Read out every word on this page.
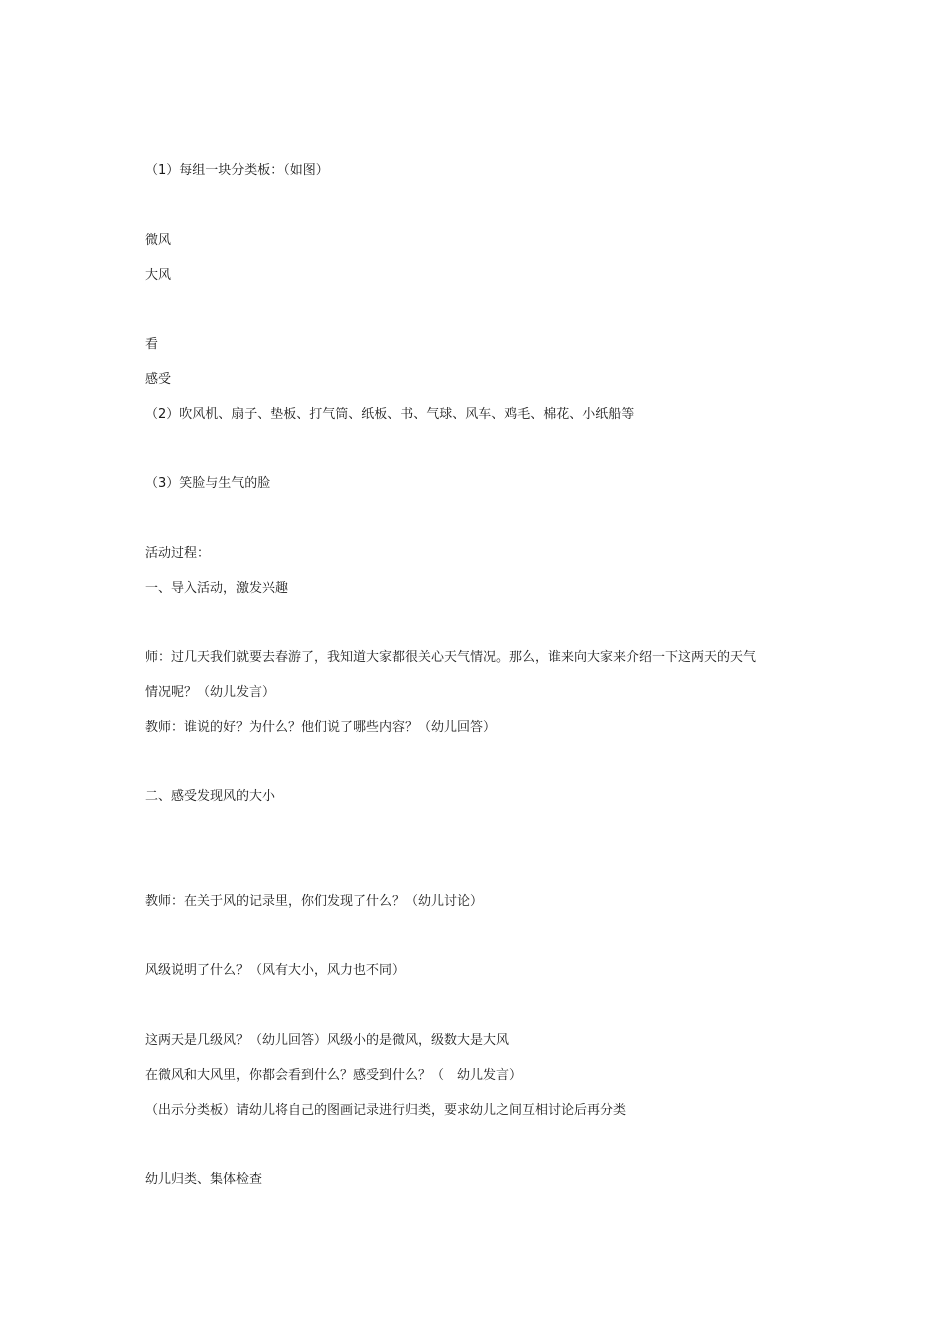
（1）每组一块分类板：（如图）
微风
大风
看
感受
（2）吹风机、扇子、垫板、打气筒、纸板、书、气球、风车、鸡毛、棉花、小纸船等
（3）笑脸与生气的脸
活动过程：
一、导入活动，激发兴趣
师：过几天我们就要去春游了，我知道大家都很关心天气情况。那么，谁来向大家来介绍一下这两天的天气
情况呢？（幼儿发言）
教师：谁说的好？为什么？他们说了哪些内容？（幼儿回答）
二、感受发现风的大小
教师：在关于风的记录里，你们发现了什么？（幼儿讨论）
风级说明了什么？（风有大小，风力也不同）
这两天是几级风？（幼儿回答）风级小的是微风，级数大是大风
在微风和大风里，你都会看到什么？感受到什么？（　幼儿发言）
（出示分类板）请幼儿将自己的图画记录进行归类，要求幼儿之间互相讨论后再分类
幼儿归类、集体检查
